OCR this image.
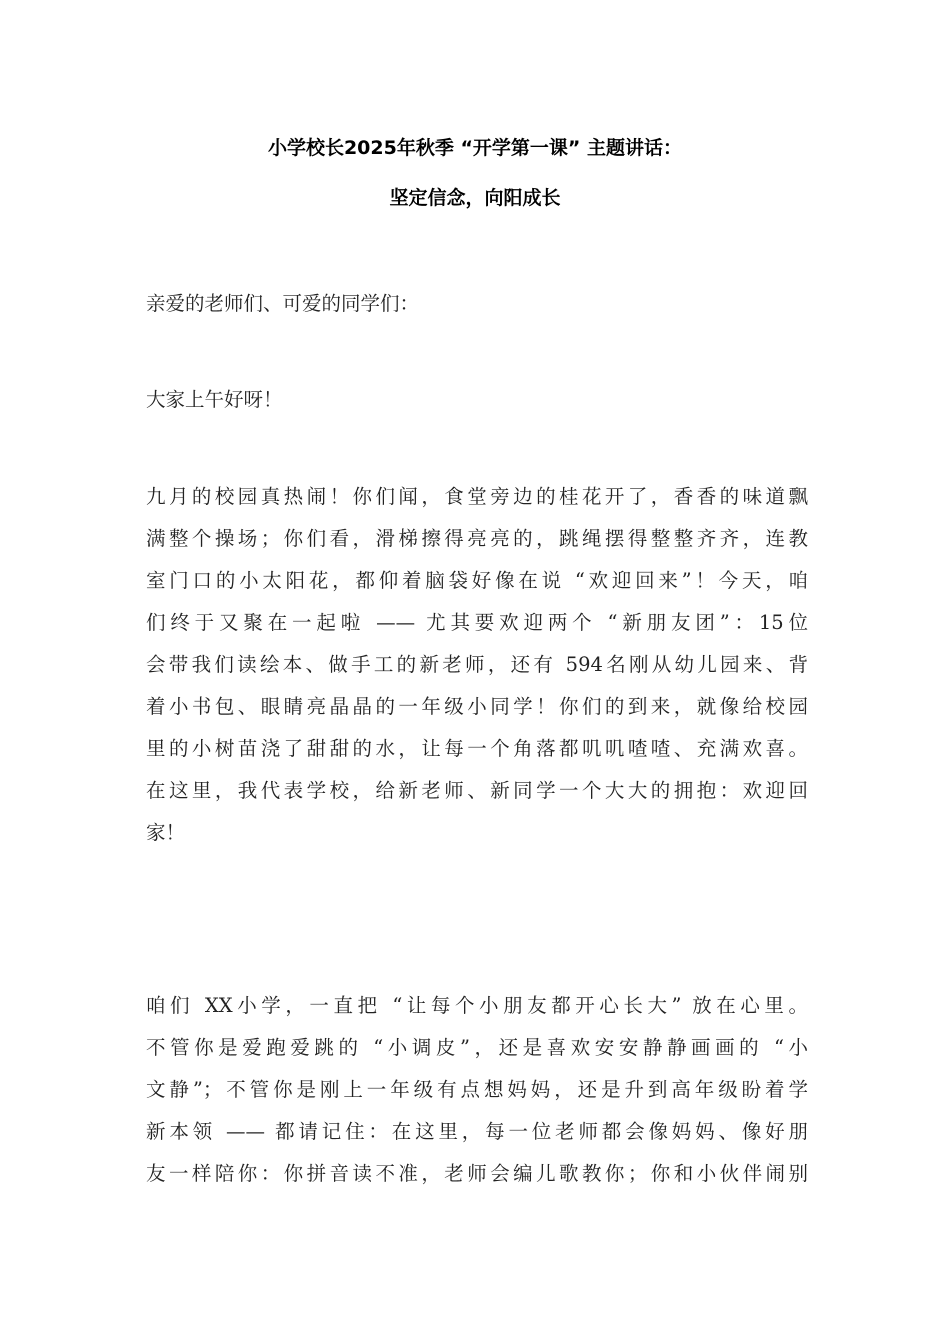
小学校长2025年秋季 “开学第一课” 主题讲话：
坚定信念，向阳成长
亲爱的老师们、可爱的同学们：
大家上午好呀！
九月的校园真热闹！你们闻，食堂旁边的桂花开了，香香的味道飘
满整个操场；你们看，滑梯擦得亮亮的，跳绳摆得整整齐齐，连教
室门口的小太阳花，都仰着脑袋好像在说 “欢迎回来”！今天，咱
们终于又聚在一起啦 —— 尤其要欢迎两个 “新朋友团”：15位
会带我们读绘本、做手工的新老师，还有 594名刚从幼儿园来、背
着小书包、眼睛亮晶晶的一年级小同学！你们的到来，就像给校园
里的小树苗浇了甜甜的水，让每一个角落都叽叽喳喳、充满欢喜。
在这里，我代表学校，给新老师、新同学一个大大的拥抱：欢迎回
家！
咱们 XX小学，一直把 “让每个小朋友都开心长大” 放在心里。
不管你是爱跑爱跳的 “小调皮”，还是喜欢安安静静画画的 “小
文静”；不管你是刚上一年级有点想妈妈，还是升到高年级盼着学
新本领 —— 都请记住：在这里，每一位老师都会像妈妈、像好朋
友一样陪你：你拼音读不准，老师会编儿歌教你；你和小伙伴闹别
